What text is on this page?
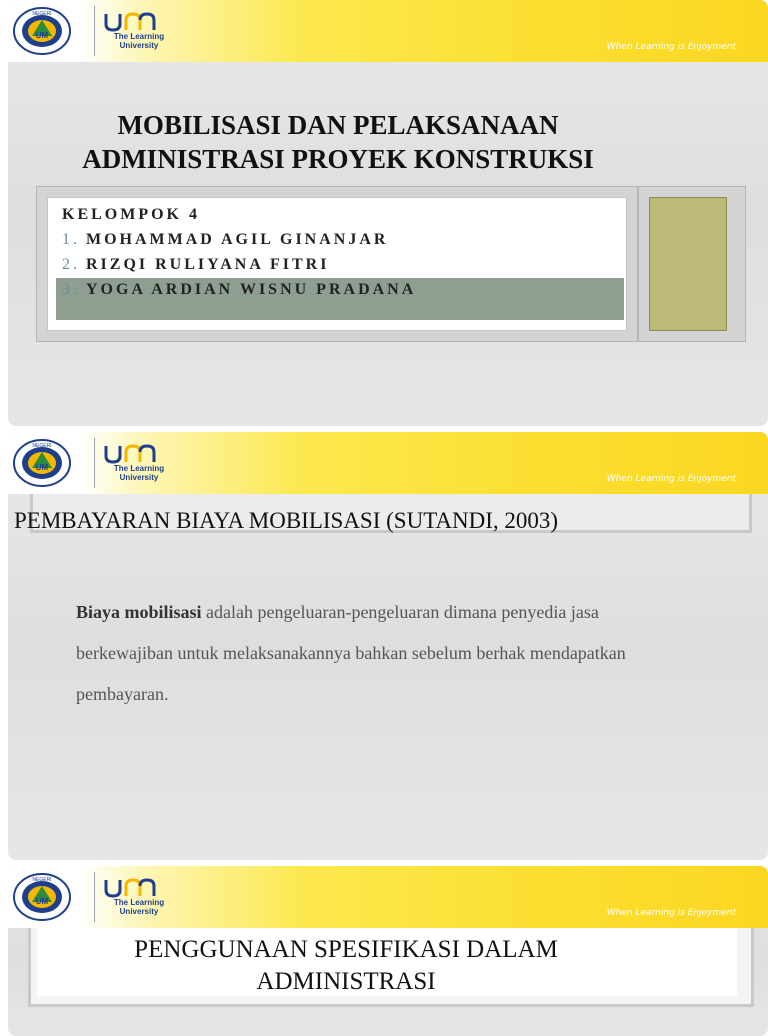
UM
NEGERI
The Learning
University	When Learning is Enjoyment
MOBILISASI DAN PELAKSANAAN
ADMINISTRASI PROYEK KONSTRUKSI
KELOMPOK 4
1. MOHAMMAD AGIL GINANJAR
2. RIZQI RULIYANA FITRI
3. YOGA ARDIAN WISNU PRADANA
UM
NEGERI
The Learning
University	When Learning is Enjoyment
PEMBAYARAN BIAYA MOBILISASI (SUTANDI, 2003)
Biaya mobilisasi adalah pengeluaran-pengeluaran dimana penyedia jasa berkewajiban untuk melaksanakannya bahkan sebelum berhak mendapatkan pembayaran.
UM
NEGERI
The Learning
University	When Learning is Enjoyment
PENGGUNAAN SPESIFIKASI DALAM
ADMINISTRASI
